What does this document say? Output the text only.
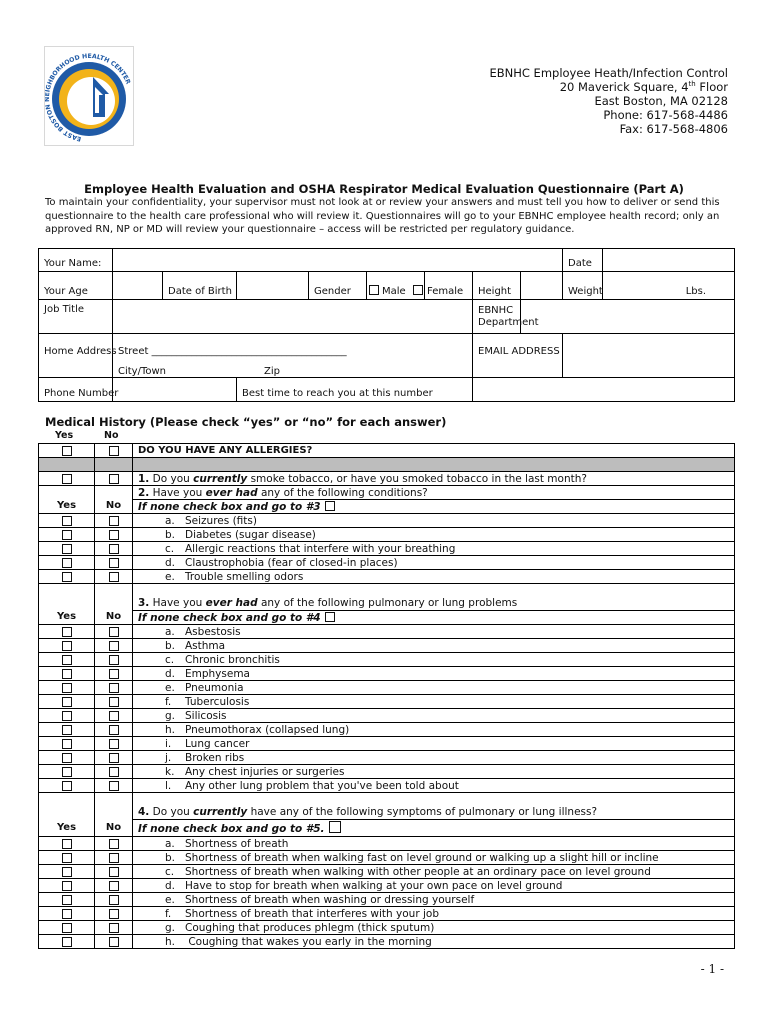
EAST BOSTON IGHBORHOOD HEALTH CENTER
EBNHC Employee Heath/Infection Control
20 Maverick Square, 4th Floor
East Boston, MA 02128
Phone: 617-568-4486
Fax: 617-568-4806
Employee Health Evaluation and OSHA Respirator Medical Evaluation Questionnaire (Part A)
To maintain your confidentiality, your supervisor must not look at or review your answers and must tell you how to deliver or send this questionnaire to the health care professional who will review it. Questionnaires will go to your EBNHC employee health record; only an approved RN, NP or MD will review your questionnaire – access will be restricted per regulatory guidance.
Your Name:									Date	
Your Age		Date of Birth		Gender	Male	Female	Height		Weight	Lbs.
Job Title							EBNHC
Department			

Home Address	Street _______________________________________
City/Town Zip						EMAIL ADDRESS			
Phone Number			Best time to reach you at this number							
Medical History (Please check “yes” or “no” for each answer)
Yes	No
		DO YOU HAVE ANY ALLERGIES?

		1. Do you currently smoke tobacco, or have you smoked tobacco in the last month?
		2. Have you ever had any of the following conditions?
Yes	No	If none check box and go to #3
		a. Seizures (fits)
		b. Diabetes (sugar disease)
		c. Allergic reactions that interfere with your breathing
		d. Claustrophobia (fear of closed-in places)
		e. Trouble smelling odors
		3. Have you ever had any of the following pulmonary or lung problems
Yes	No	If none check box and go to #4
		a. Asbestosis
		b. Asthma
		c. Chronic bronchitis
		d. Emphysema
		e. Pneumonia
		f. Tuberculosis
		g. Silicosis
		h. Pneumothorax (collapsed lung)
		i. Lung cancer
		j. Broken ribs
		k. Any chest injuries or surgeries
		l. Any other lung problem that you've been told about
		4. Do you currently have any of the following symptoms of pulmonary or lung illness?
Yes	No	If none check box and go to #5.
		a. Shortness of breath
		b. Shortness of breath when walking fast on level ground or walking up a slight hill or incline
		c. Shortness of breath when walking with other people at an ordinary pace on level ground
		d. Have to stop for breath when walking at your own pace on level ground
		e. Shortness of breath when washing or dressing yourself
		f. Shortness of breath that interferes with your job
		g. Coughing that produces phlegm (thick sputum)
		h. Coughing that wakes you early in the morning
- 1 -
